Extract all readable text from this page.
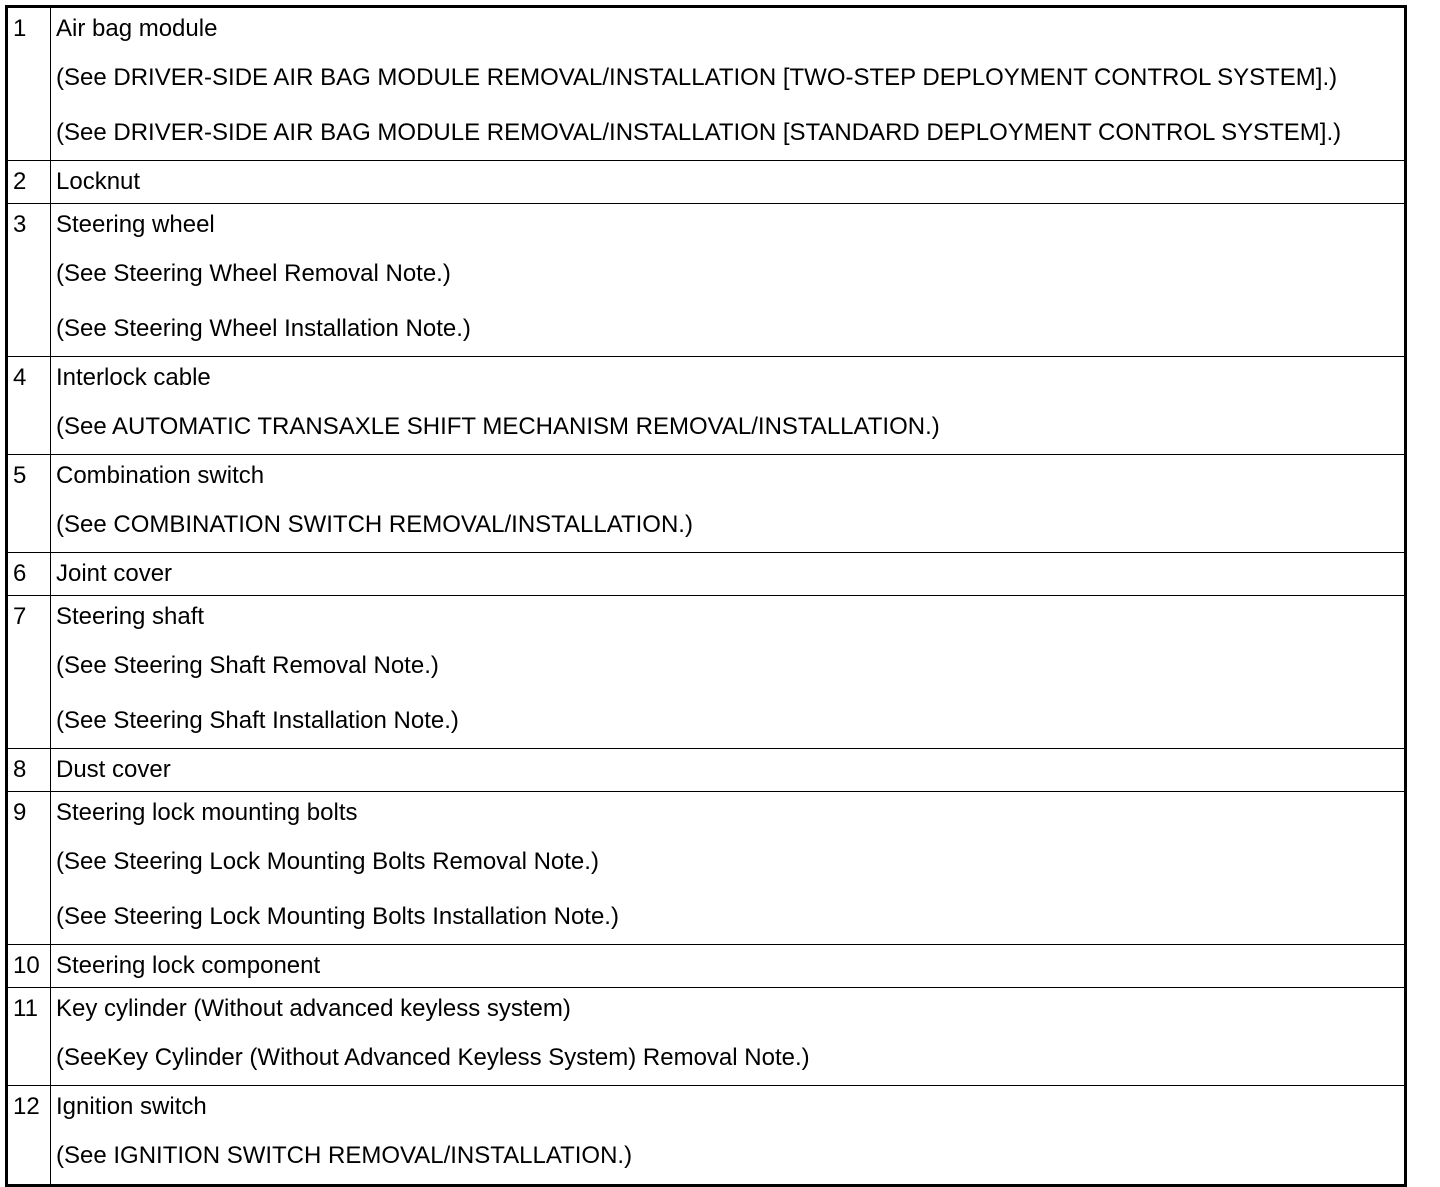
1	Air bag module
(See DRIVER-SIDE AIR BAG MODULE REMOVAL/INSTALLATION [TWO-STEP DEPLOYMENT CONTROL SYSTEM].)
(See DRIVER-SIDE AIR BAG MODULE REMOVAL/INSTALLATION [STANDARD DEPLOYMENT CONTROL SYSTEM].)

2	Locknut

3	Steering wheel
(See Steering Wheel Removal Note.)
(See Steering Wheel Installation Note.)

4	Interlock cable
(See AUTOMATIC TRANSAXLE SHIFT MECHANISM REMOVAL/INSTALLATION.)

5	Combination switch
(See COMBINATION SWITCH REMOVAL/INSTALLATION.)

6	Joint cover

7	Steering shaft
(See Steering Shaft Removal Note.)
(See Steering Shaft Installation Note.)

8	Dust cover

9	Steering lock mounting bolts
(See Steering Lock Mounting Bolts Removal Note.)
(See Steering Lock Mounting Bolts Installation Note.)

10	Steering lock component

11	Key cylinder (Without advanced keyless system)
(SeeKey Cylinder (Without Advanced Keyless System) Removal Note.)

12	Ignition switch
(See IGNITION SWITCH REMOVAL/INSTALLATION.)
